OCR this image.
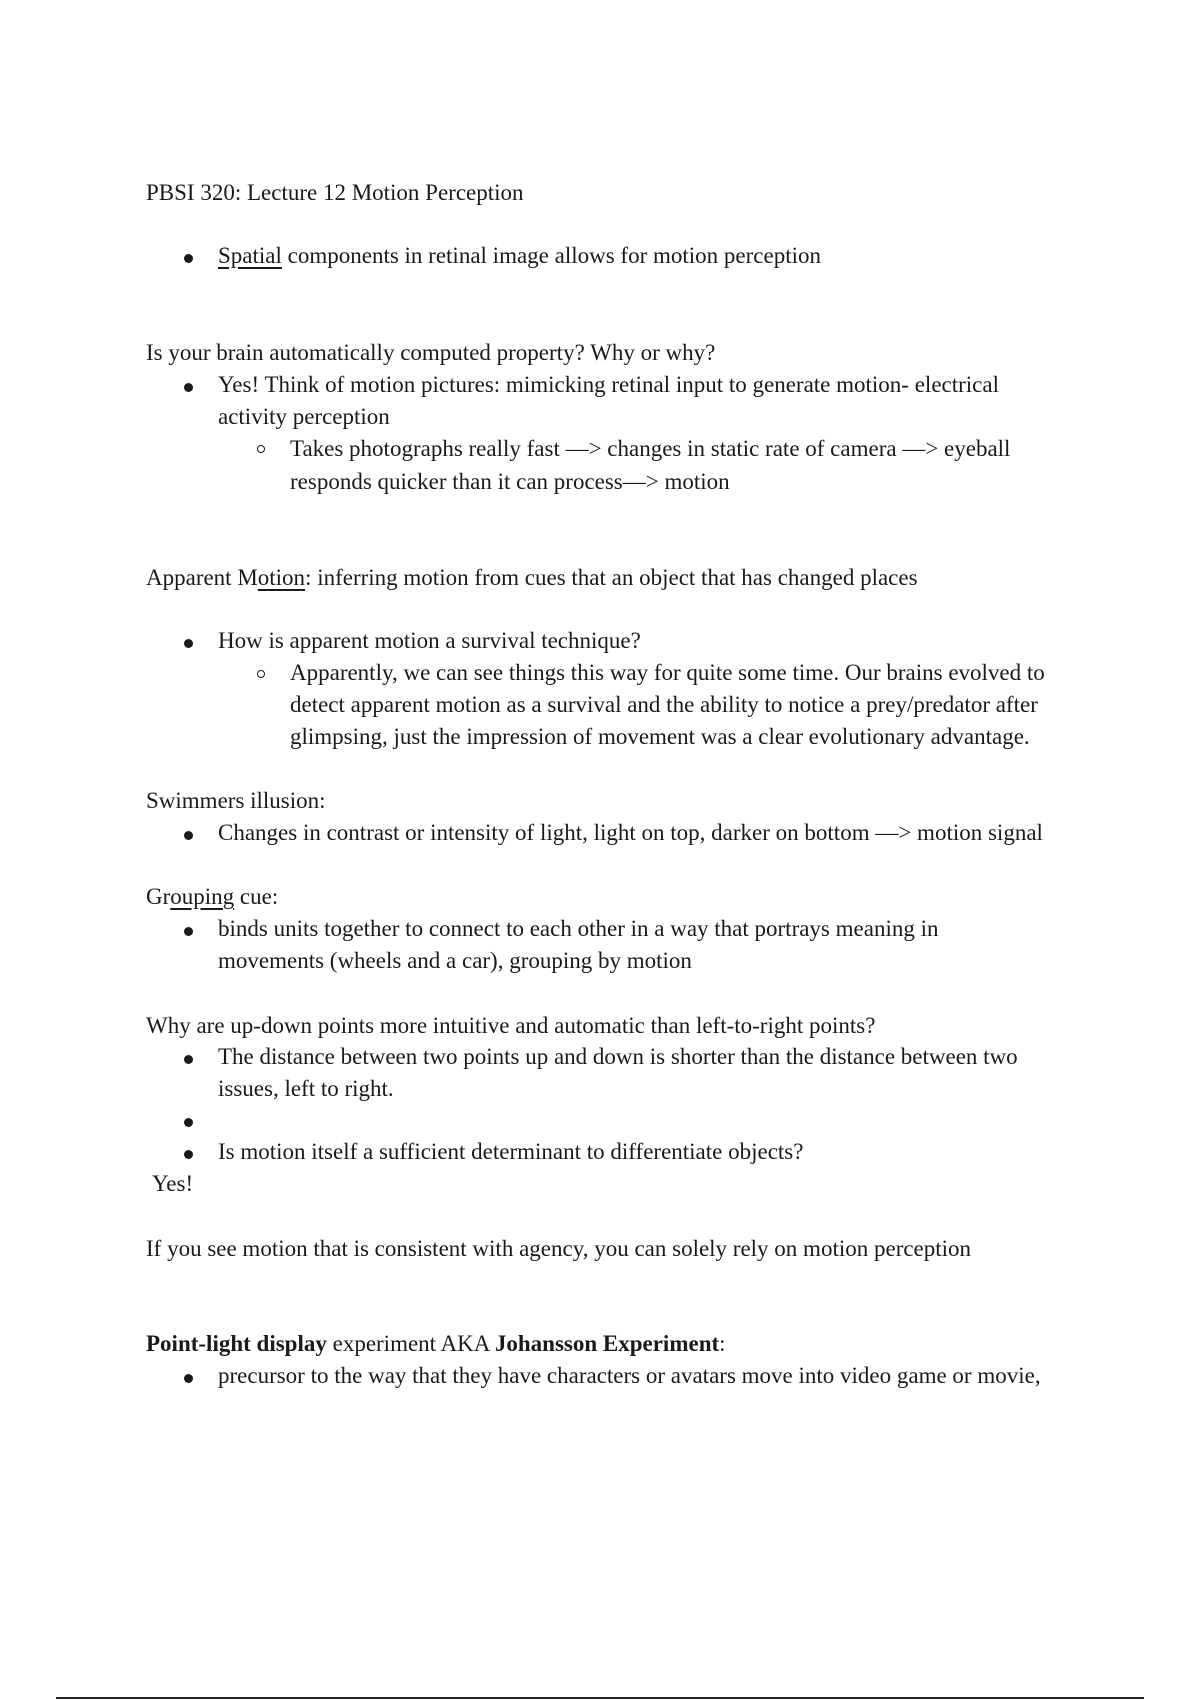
PBSI 320: Lecture 12 Motion Perception
Spatial components in retinal image allows for motion perception
Is your brain automatically computed property? Why or why?
Yes! Think of motion pictures: mimicking retinal input to generate motion- electrical
activity perception
Takes photographs really fast —> changes in static rate of camera —> eyeball
responds quicker than it can process—> motion
Apparent Motion: inferring motion from cues that an object that has changed places
How is apparent motion a survival technique?
Apparently, we can see things this way for quite some time. Our brains evolved to
detect apparent motion as a survival and the ability to notice a prey/predator after
glimpsing, just the impression of movement was a clear evolutionary advantage.
Swimmers illusion:
Changes in contrast or intensity of light, light on top, darker on bottom —> motion signal
Grouping cue:
binds units together to connect to each other in a way that portrays meaning in
movements (wheels and a car), grouping by motion
Why are up-down points more intuitive and automatic than left-to-right points?
The distance between two points up and down is shorter than the distance between two
issues, left to right.
Is motion itself a sufficient determinant to differentiate objects?
Yes!
If you see motion that is consistent with agency, you can solely rely on motion perception
Point-light display experiment AKA Johansson Experiment:
precursor to the way that they have characters or avatars move into video game or movie,
